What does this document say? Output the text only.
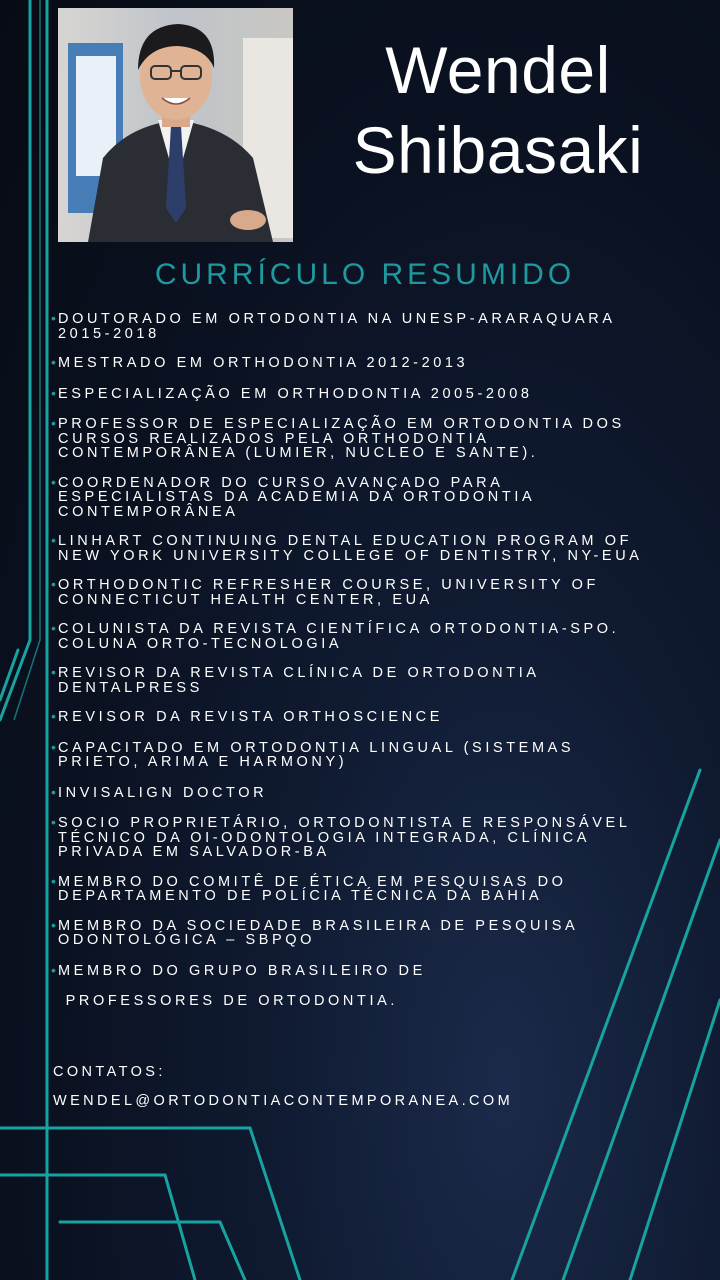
Wendel
Shibasaki
CURRÍCULO RESUMIDO
• DOUTORADO EM ORTODONTIA NA UNESP-ARARAQUARA
2015-2018
• MESTRADO EM ORTHODONTIA 2012-2013
• ESPECIALIZAÇÃO EM ORTHODONTIA 2005-2008
• PROFESSOR DE ESPECIALIZAÇÃO EM ORTODONTIA DOS
CURSOS REALIZADOS PELA ORTHODONTIA
CONTEMPORÂNEA (LUMIER, NUCLEO E SANTE).
• COORDENADOR DO CURSO AVANÇADO PARA
ESPECIALISTAS DA ACADEMIA DA ORTODONTIA
CONTEMPORÂNEA
• LINHART CONTINUING DENTAL EDUCATION PROGRAM OF
NEW YORK UNIVERSITY COLLEGE OF DENTISTRY, NY-EUA
• ORTHODONTIC REFRESHER COURSE, UNIVERSITY OF
CONNECTICUT HEALTH CENTER, EUA
• COLUNISTA DA REVISTA CIENTÍFICA ORTODONTIA-SPO.
COLUNA ORTO-TECNOLOGIA
• REVISOR DA REVISTA CLÍNICA DE ORTODONTIA
DENTALPRESS
• REVISOR DA REVISTA ORTHOSCIENCE
• CAPACITADO EM ORTODONTIA LINGUAL (SISTEMAS
PRIETO, ARIMA E HARMONY)
• INVISALIGN DOCTOR
• SOCIO PROPRIETÁRIO, ORTODONTISTA E RESPONSÁVEL
TÉCNICO DA OI-ODONTOLOGIA INTEGRADA, CLÍNICA
PRIVADA EM SALVADOR-BA
• MEMBRO DO COMITÊ DE ÉTICA EM PESQUISAS DO
DEPARTAMENTO DE POLÍCIA TÉCNICA DA BAHIA
• MEMBRO DA SOCIEDADE BRASILEIRA DE PESQUISA
ODONTOLÓGICA – SBPQO
• MEMBRO DO GRUPO BRASILEIRO DE
PROFESSORES DE ORTODONTIA.
CONTATOS:
WENDEL@ORTODONTIACONTEMPORANEA.COM
